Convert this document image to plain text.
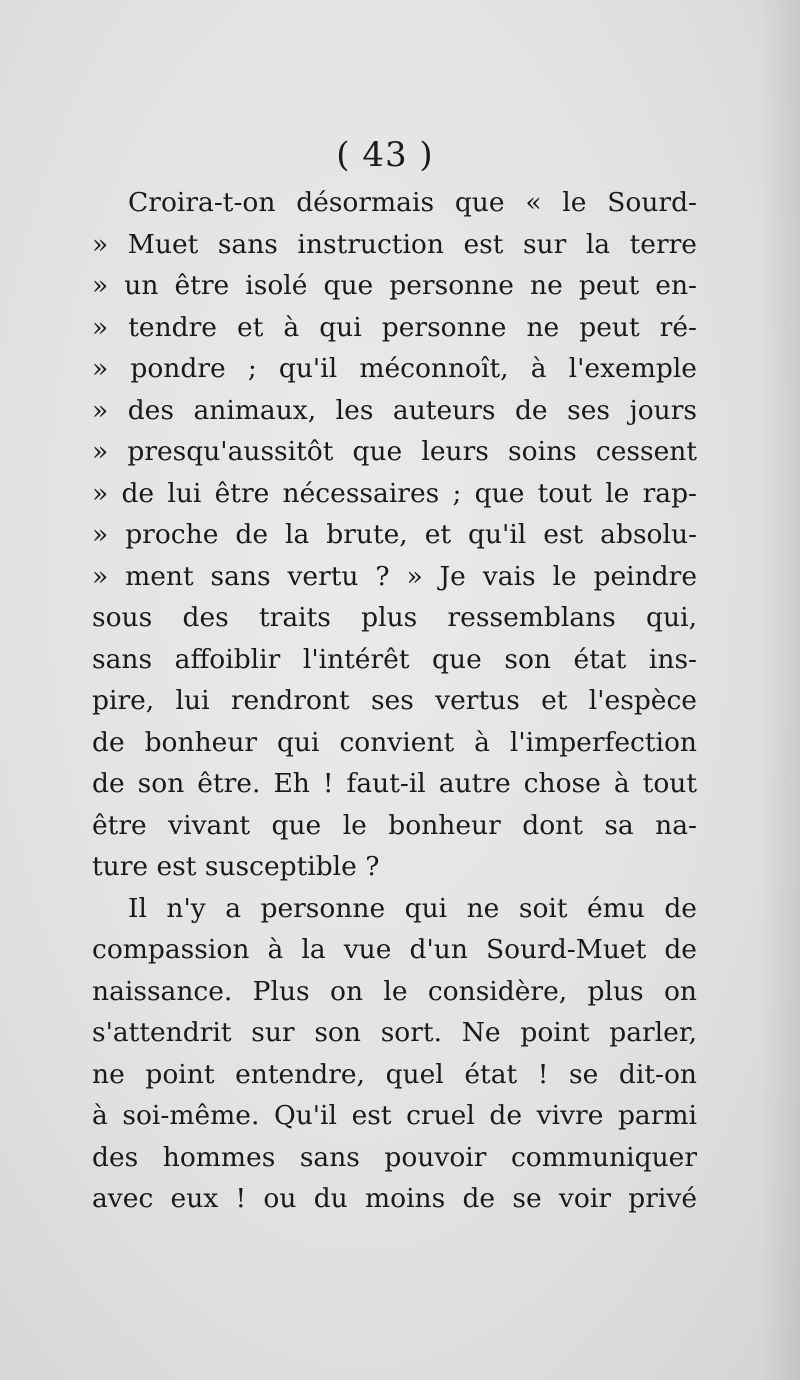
( 43 )
Croira-t-on désormais que « le Sourd-
» Muet sans instruction est sur la terre
» un être isolé que personne ne peut en-
» tendre et à qui personne ne peut ré-
» pondre ; qu'il méconnoît, à l'exemple
» des animaux, les auteurs de ses jours
» presqu'aussitôt que leurs soins cessent
» de lui être nécessaires ; que tout le rap-
» proche de la brute, et qu'il est absolu-
» ment sans vertu ? » Je vais le peindre
sous des traits plus ressemblans qui,
sans affoiblir l'intérêt que son état ins-
pire, lui rendront ses vertus et l'espèce
de bonheur qui convient à l'imperfection
de son être. Eh ! faut-il autre chose à tout
être vivant que le bonheur dont sa na-
ture est susceptible ?
Il n'y a personne qui ne soit ému de
compassion à la vue d'un Sourd-Muet de
naissance. Plus on le considère, plus on
s'attendrit sur son sort. Ne point parler,
ne point entendre, quel état ! se dit-on
à soi-même. Qu'il est cruel de vivre parmi
des hommes sans pouvoir communiquer
avec eux ! ou du moins de se voir privé
